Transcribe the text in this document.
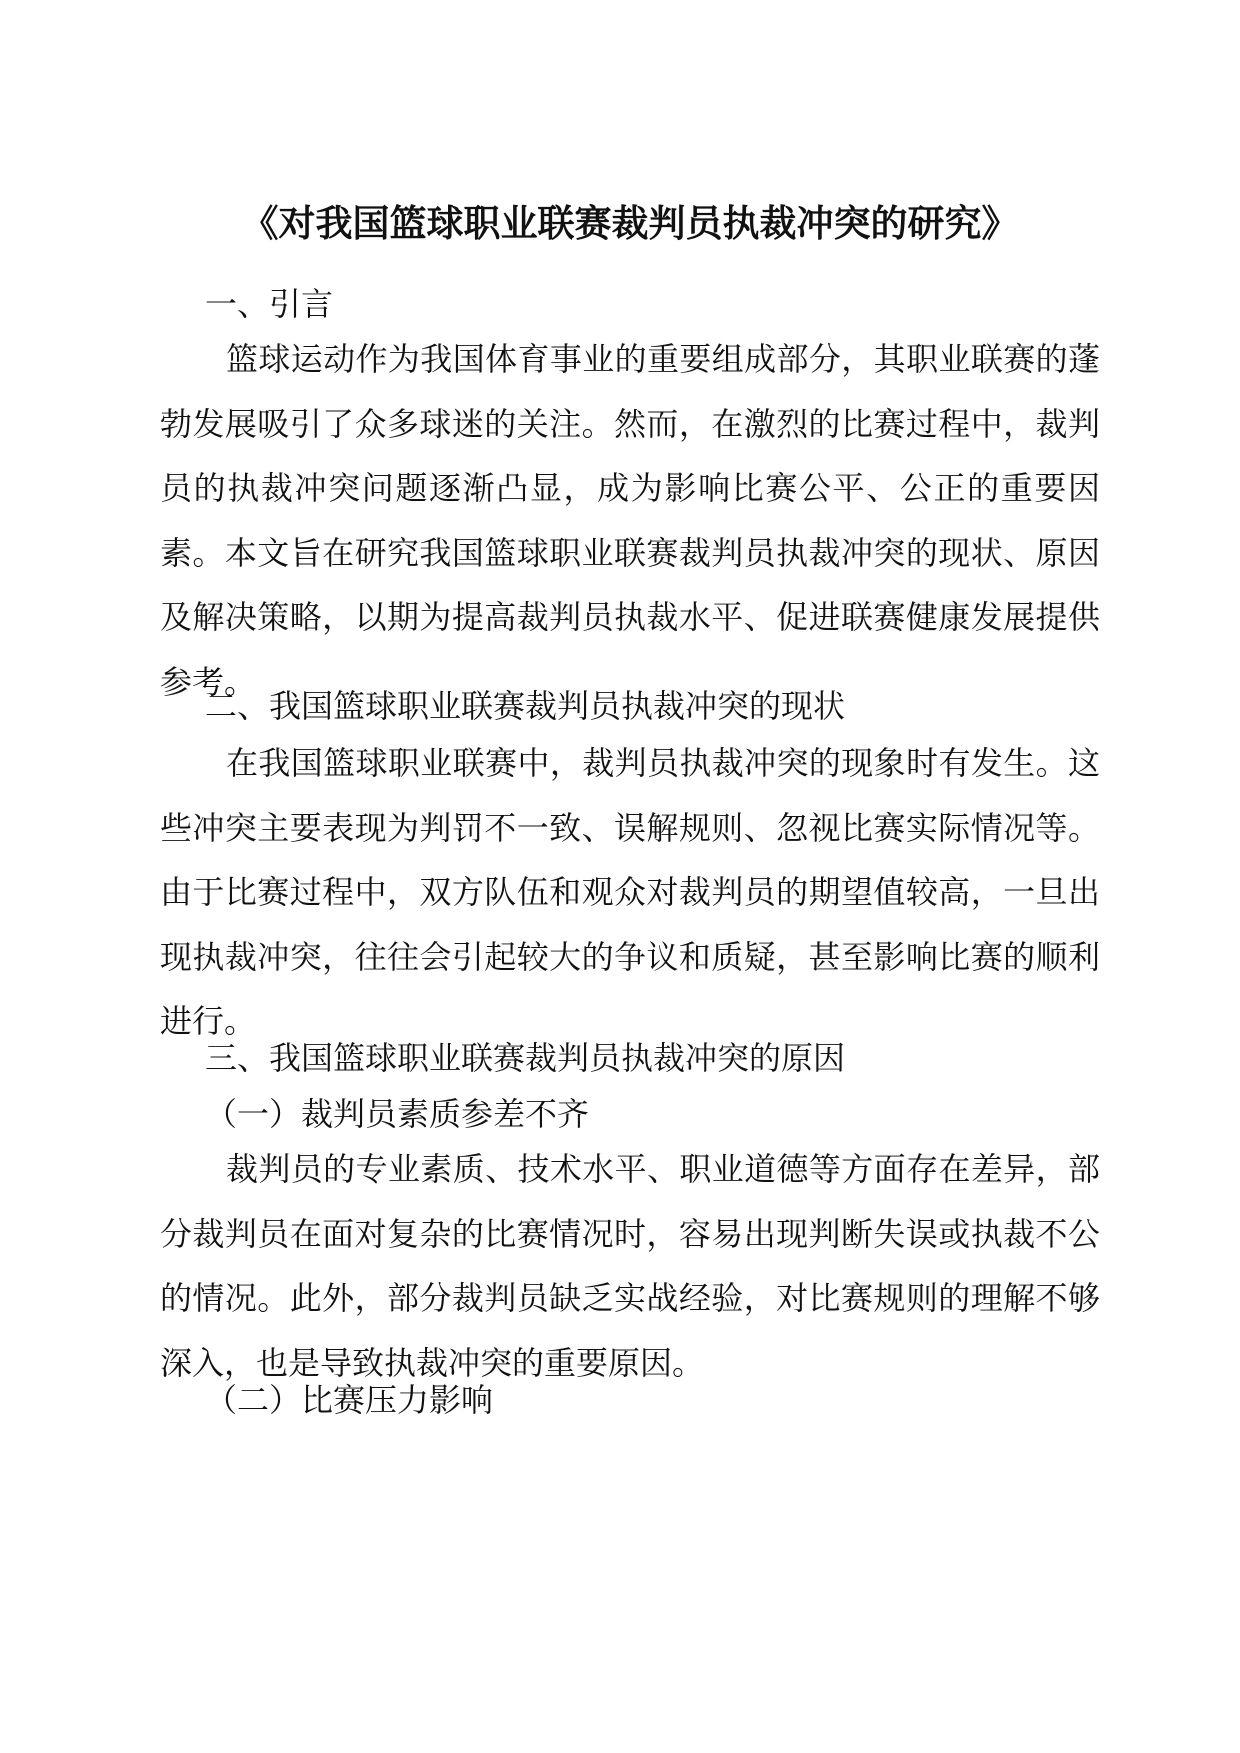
《对我国篮球职业联赛裁判员执裁冲突的研究》
一、引言

篮球运动作为我国体育事业的重要组成部分，其职业联赛的蓬勃发展吸引了众多球迷的关注。然而，在激烈的比赛过程中，裁判员的执裁冲突问题逐渐凸显，成为影响比赛公平、公正的重要因素。本文旨在研究我国篮球职业联赛裁判员执裁冲突的现状、原因及解决策略，以期为提高裁判员执裁水平、促进联赛健康发展提供参考。

二、我国篮球职业联赛裁判员执裁冲突的现状

在我国篮球职业联赛中，裁判员执裁冲突的现象时有发生。这些冲突主要表现为判罚不一致、误解规则、忽视比赛实际情况等。由于比赛过程中，双方队伍和观众对裁判员的期望值较高，一旦出现执裁冲突，往往会引起较大的争议和质疑，甚至影响比赛的顺利进行。

三、我国篮球职业联赛裁判员执裁冲突的原因
（一）裁判员素质参差不齐

裁判员的专业素质、技术水平、职业道德等方面存在差异，部分裁判员在面对复杂的比赛情况时，容易出现判断失误或执裁不公的情况。此外，部分裁判员缺乏实战经验，对比赛规则的理解不够深入，也是导致执裁冲突的重要原因。

（二）比赛压力影响
